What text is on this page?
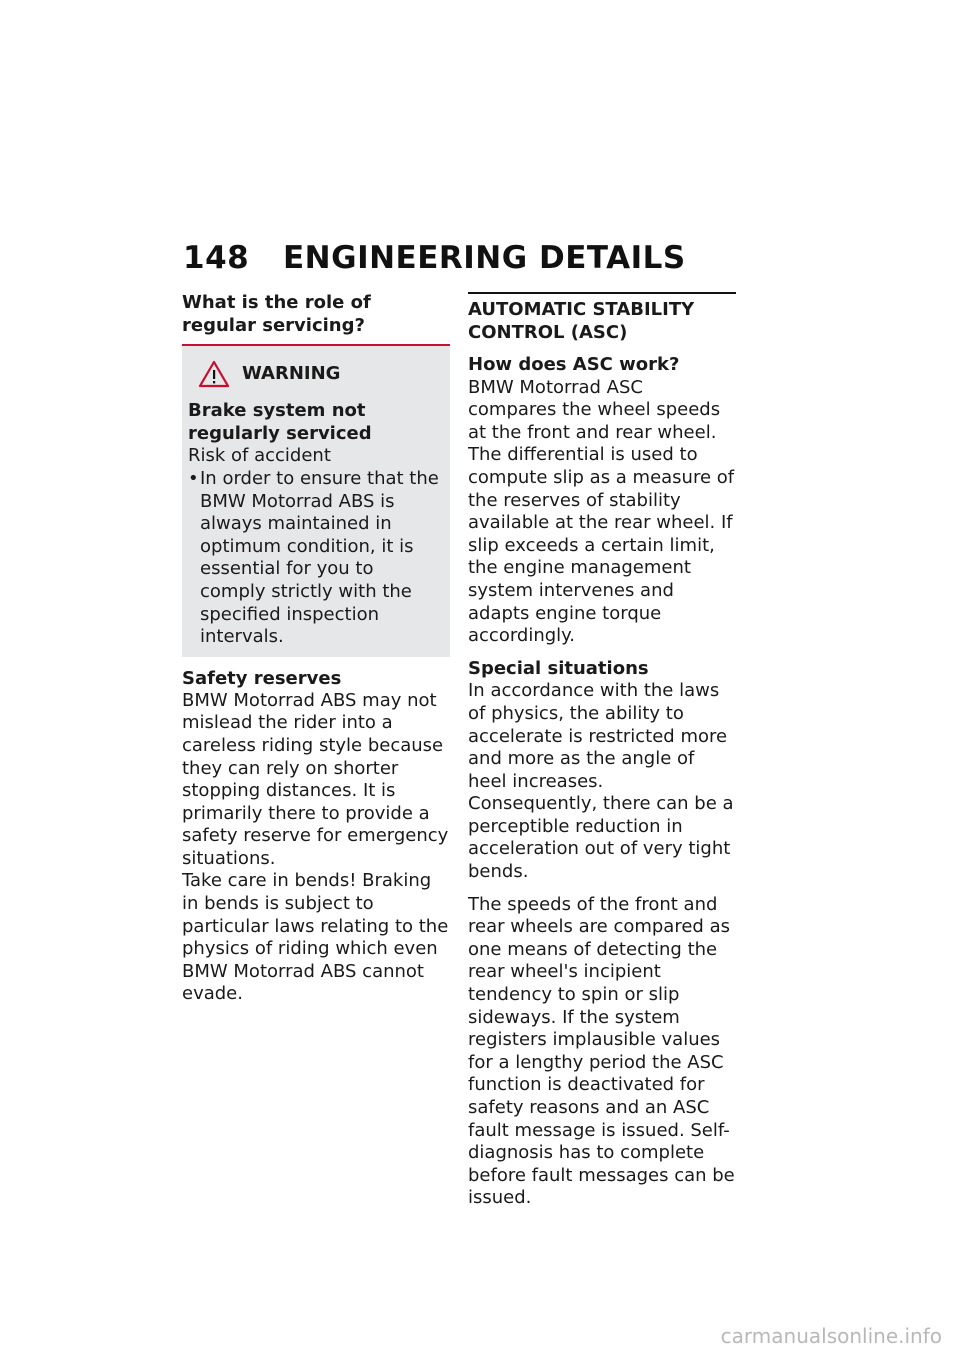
148 ENGINEERING DETAILS
What is the role of regular servicing?
WARNING
Brake system not regularly serviced
Risk of accident
• In order to ensure that the BMW Motorrad ABS is always maintained in optimum condition, it is essential for you to comply strictly with the specified inspection intervals.
Safety reserves
BMW Motorrad ABS may not mislead the rider into a careless riding style because they can rely on shorter stopping distances. It is primarily there to provide a safety reserve for emergency situations.
Take care in bends! Braking in bends is subject to particular laws relating to the physics of riding which even BMW Motorrad ABS cannot evade.
AUTOMATIC STABILITY CONTROL (ASC)
How does ASC work?
BMW Motorrad ASC compares the wheel speeds at the front and rear wheel. The differential is used to compute slip as a measure of the reserves of stability available at the rear wheel. If slip exceeds a certain limit, the engine management system intervenes and adapts engine torque accordingly.
Special situations
In accordance with the laws of physics, the ability to accelerate is restricted more and more as the angle of heel increases. Consequently, there can be a perceptible reduction in acceleration out of very tight bends.
The speeds of the front and rear wheels are compared as one means of detecting the rear wheel's incipient tendency to spin or slip sideways. If the system registers implausible values for a lengthy period the ASC function is deactivated for safety reasons and an ASC fault message is issued. Self-diagnosis has to complete before fault messages can be issued.
carmanualsonline.info
